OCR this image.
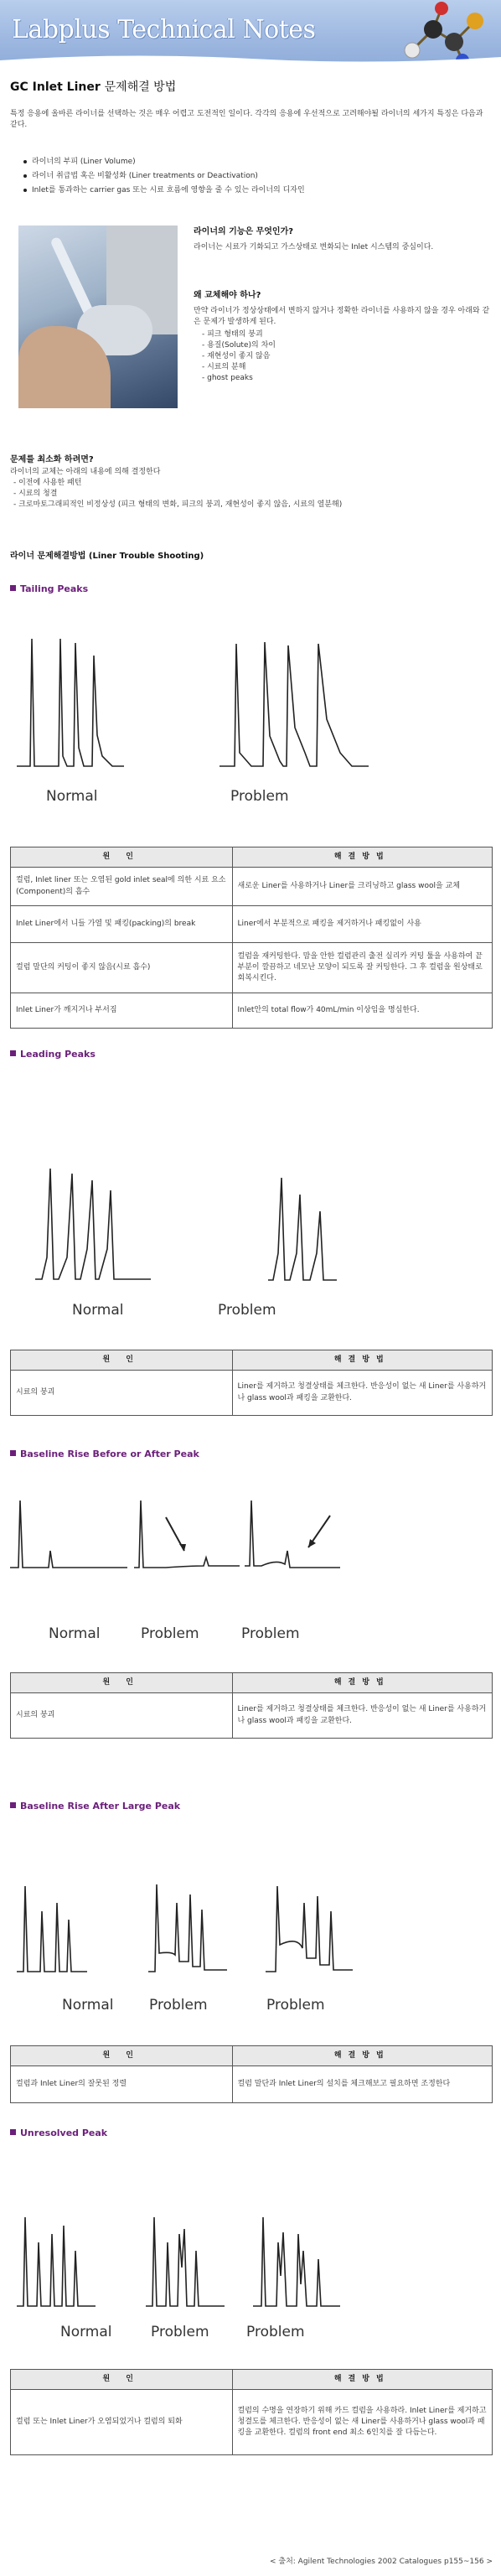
Labplus Technical Notes
GC Inlet Liner 문제해결 방법
특정 응용에 올바른 라이너를 선택하는 것은 매우 어렵고 도전적인 일이다. 각각의 응용에 우선적으로 고려해야될 라이너의 세가지 특징은 다음과 같다.
라이너의 부피 (Liner Volume)
라이너 취급법 혹은 비활성화 (Liner treatments or Deactivation)
Inlet를 통과하는 carrier gas 또는 시료 흐름에 영향을 줄 수 있는 라이너의 디자인
라이너의 기능은 무엇인가?
라이너는 시료가 기화되고 가스상태로 변화되는 Inlet 시스템의 중심이다.
왜 교체해야 하나?
만약 라이너가 정상상태에서 변하지 않거나 정확한 라이너를 사용하지 않을 경우 아래와 같은 문제가 발생하게 된다.
- 피크 형태의 붕괴
- 용질(Solute)의 차이
- 재현성이 좋지 않음
- 시료의 분해
- ghost peaks
문제를 최소화 하려면?
라이너의 교체는 아래의 내용에 의해 결정한다
- 이전에 사용한 패턴
- 시료의 청결
- 크로마토그래피적인 비정상성 (피크 형태의 변화, 피크의 붕괴, 재현성이 좋지 않음, 시료의 열분해)
라이너 문제해결방법 (Liner Trouble Shooting)
Tailing Peaks
Normal	Problem
원 인	해결방법
컬럼, Inlet liner 또는 오염된 gold inlet seal에 의한 시료 요소(Component)의 흡수	새로운 Liner를 사용하거나 Liner를 크리닝하고 glass wool을 교체
Inlet Liner에서 니들 가열 및 패킹(packing)의 break	Liner에서 부분적으로 패킹을 제거하거나 패킹없이 사용
컬럼 말단의 커팅이 좋지 않음(시료 흡수)	컬럼을 재커팅한다. 맘을 안한 컬럼관리 출전 실리카 커팅 툴을 사용하여 끝부분이 깔끔하고 네모난 모양이 되도록 잘 커팅한다. 그 후 컬럼을 원상태로 회복시킨다.
Inlet Liner가 깨지거나 부서짐	Inlet안의 total flow가 40mL/min 이상임을 명심한다.
Leading Peaks
Normal	Problem
원 인	해결방법
시료의 붕괴	Liner를 제거하고 청결상태를 체크한다. 반응성이 없는 새 Liner를 사용하거나 glass wool과 패킹을 교환한다.
Baseline Rise Before or After Peak
Normal	Problem	Problem
원 인	해결방법
시료의 붕괴	Liner를 제거하고 청결상태를 체크한다. 반응성이 없는 새 Liner를 사용하거나 glass wool과 패킹을 교환한다.
Baseline Rise After Large Peak
Normal Problem	Problem
원 인	해결방법
컬럼과 Inlet Liner의 잘못된 정렬	컬럼 말단과 Inlet Liner의 설치를 체크해보고 필요하면 조정한다
Unresolved Peak
Normal	Problem	Problem
원 인	해결방법
컬럼 또는 Inlet Liner가 오염되었거나 컬럼의 퇴화	컬럼의 수명을 연장하기 위해 카드 컬럼을 사용하라. Inlet Liner를 제거하고 청결도를 체크한다. 반응성이 없는 새 Liner를 사용하거나 glass wool과 패킹을 교환한다. 컬럼의 front end 최소 6인치를 잘 다듬는다.
< 출처: Agilent Technologies 2002 Catalogues p155~156 >
